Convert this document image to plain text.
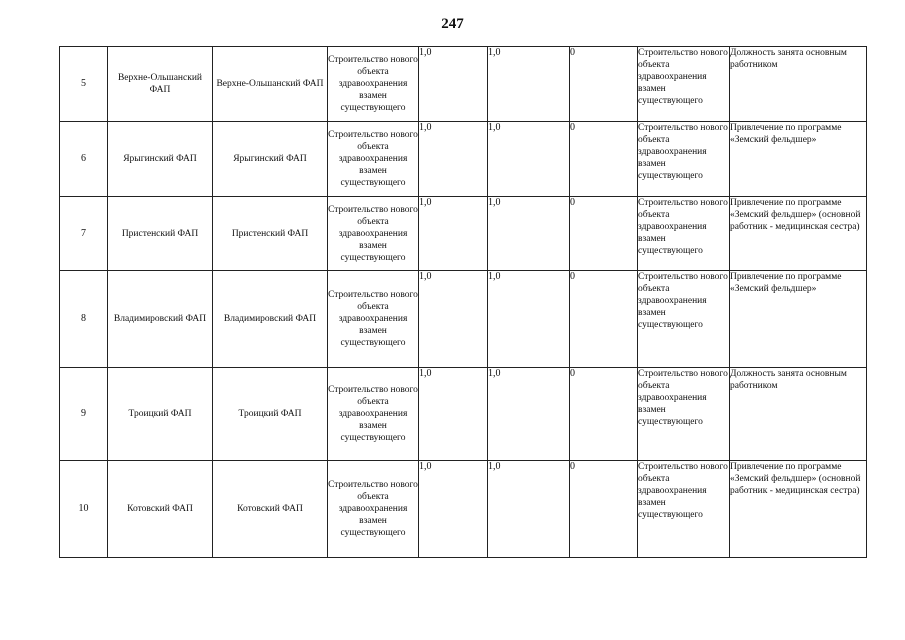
247
5	Верхне-Ольшанский ФАП	Верхне-Ольшанский ФАП	Строительство нового объекта здравоохранения взамен существующего	1,0	1,0	0	Строительство нового объекта здравоохранения взамен существующего	Должность занята основным работником
6	Ярыгинский ФАП	Ярыгинский ФАП	Строительство нового объекта здравоохранения взамен существующего	1,0	1,0	0	Строительство нового объекта здравоохранения взамен существующего	Привлечение по программе «Земский фельдшер»
7	Пристенский ФАП	Пристенский ФАП	Строительство нового объекта здравоохранения взамен существующего	1,0	1,0	0	Строительство нового объекта здравоохранения взамен существующего	Привлечение по программе «Земский фельдшер» (основной работник - медицинская сестра)
8	Владимировский ФАП	Владимировский ФАП	Строительство нового объекта здравоохранения взамен существующего	1,0	1,0	0	Строительство нового объекта здравоохранения взамен существующего	Привлечение по программе «Земский фельдшер»
9	Троицкий ФАП	Троицкий ФАП	Строительство нового объекта здравоохранения взамен существующего	1,0	1,0	0	Строительство нового объекта здравоохранения взамен существующего	Должность занята основным работником
10	Котовский ФАП	Котовский ФАП	Строительство нового объекта здравоохранения взамен существующего	1,0	1,0	0	Строительство нового объекта здравоохранения взамен существующего	Привлечение по программе «Земский фельдшер» (основной работник - медицинская сестра)
